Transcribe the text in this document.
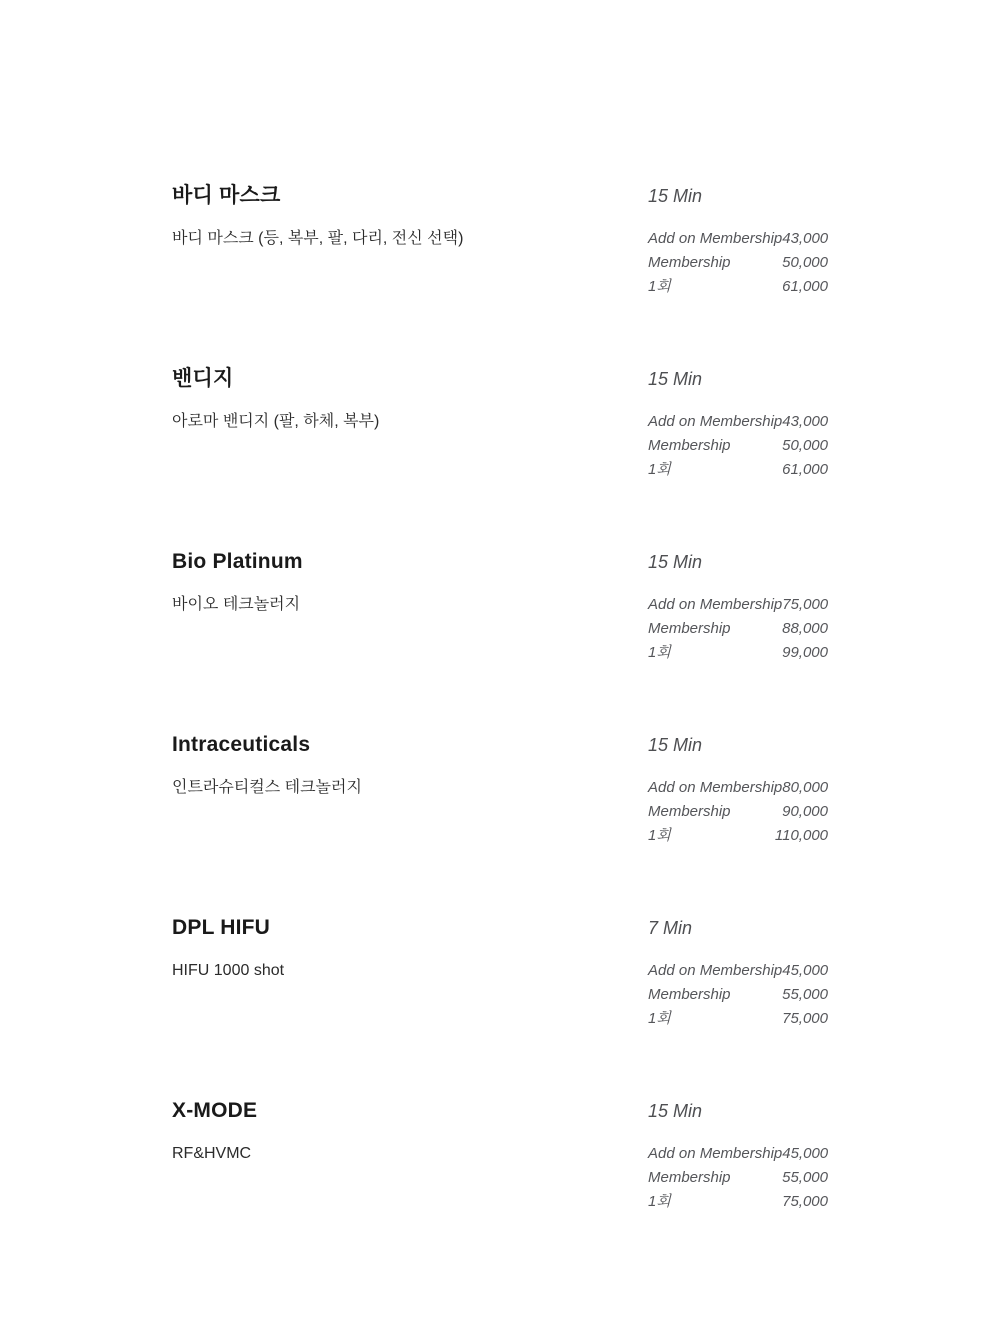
바디 마스크

바디 마스크 (등, 복부, 팔, 다리, 전신 선택)

15 Min
Add on Membership 43,000
Membership	50,000
1회	61,000
밴디지

아로마 밴디지 (팔, 하체, 복부)

15 Min
Add on Membership 43,000
Membership	50,000
1회	61,000
Bio Platinum

바이오 테크놀러지

15 Min
Add on Membership 75,000
Membership	88,000
1회	99,000
Intraceuticals

인트라슈티컬스 테크놀러지

15 Min
Add on Membership 80,000
Membership	90,000
1회	110,000
DPL HIFU

HIFU 1000 shot

7 Min
Add on Membership 45,000
Membership	55,000
1회	75,000
X-MODE

RF&HVMC

15 Min
Add on Membership 45,000
Membership	55,000
1회	75,000
